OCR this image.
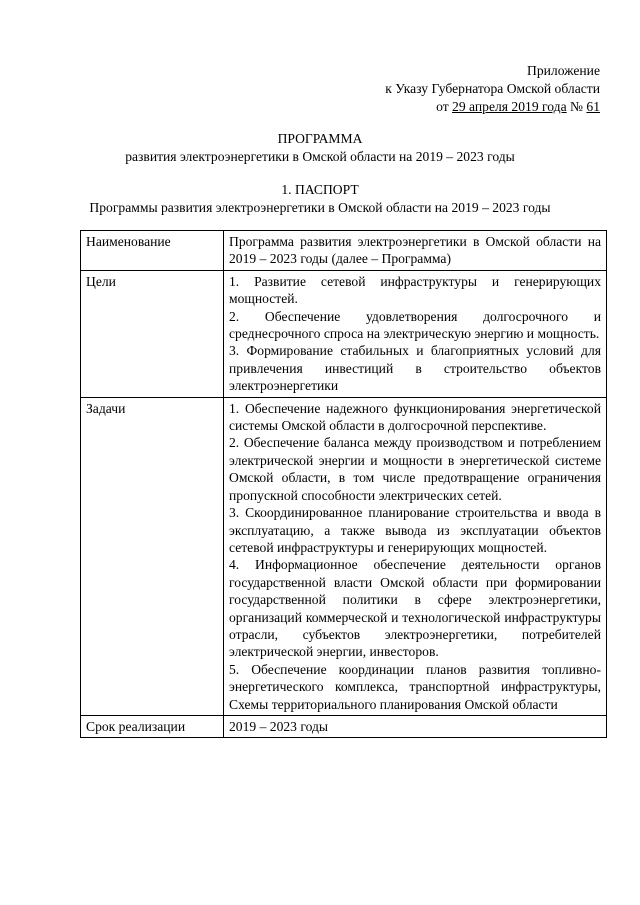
Приложение
к Указу Губернатора Омской области
от 29 апреля 2019 года № 61
ПРОГРАММА
развития электроэнергетики в Омской области на 2019 – 2023 годы
1. ПАСПОРТ
Программы развития электроэнергетики в Омской области на 2019 – 2023 годы
Наименование	Программа развития электроэнергетики в Омской области на 2019 – 2023 годы (далее – Программа)

Цели	1. Развитие сетевой инфраструктуры и генерирующих мощностей.
2. Обеспечение удовлетворения долгосрочного и среднесрочного спроса на электрическую энергию и мощность.
3. Формирование стабильных и благоприятных условий для привлечения инвестиций в строительство объектов электроэнергетики

Задачи	1. Обеспечение надежного функционирования энергетической системы Омской области в долгосрочной перспективе.
2. Обеспечение баланса между производством и потреблением электрической энергии и мощности в энергетической системе Омской области, в том числе предотвращение ограничения пропускной способности электрических сетей.
3. Скоординированное планирование строительства и ввода в эксплуатацию, а также вывода из эксплуатации объектов сетевой инфраструктуры и генерирующих мощностей.
4. Информационное обеспечение деятельности органов государственной власти Омской области при формировании государственной политики в сфере электроэнергетики, организаций коммерческой и технологической инфраструктуры отрасли, субъектов электроэнергетики, потребителей электрической энергии, инвесторов.
5. Обеспечение координации планов развития топливно-энергетического комплекса, транспортной инфраструктуры, Схемы территориального планирования Омской области

Срок реализации	2019 – 2023 годы
